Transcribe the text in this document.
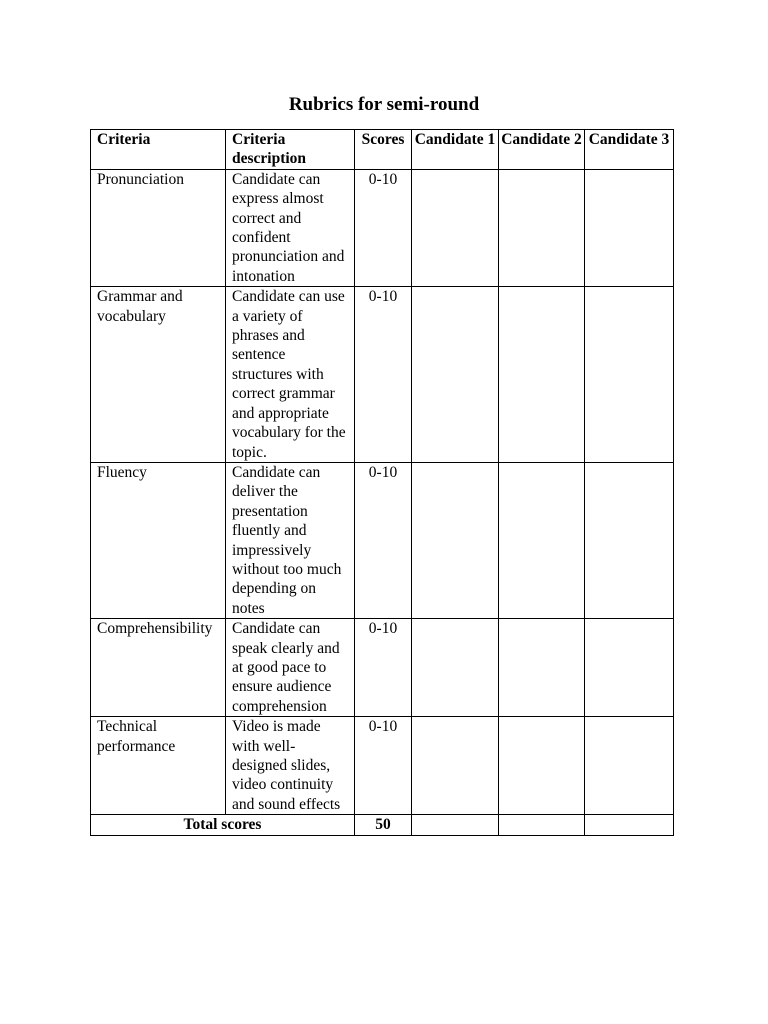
Rubrics for semi-round
Criteria	Criteria description	Scores	Candidate 1	Candidate 2	Candidate 3
Pronunciation	Candidate can express almost correct and confident pronunciation and intonation	0-10			
Grammar and vocabulary	Candidate can use a variety of phrases and sentence structures with correct grammar and appropriate vocabulary for the topic.	0-10			
Fluency	Candidate can deliver the presentation fluently and impressively without too much depending on notes	0-10			
Comprehensibility	Candidate can speak clearly and at good pace to ensure audience comprehension	0-10			
Technical performance	Video is made with well-designed slides, video continuity and sound effects	0-10			
Total scores		50			
